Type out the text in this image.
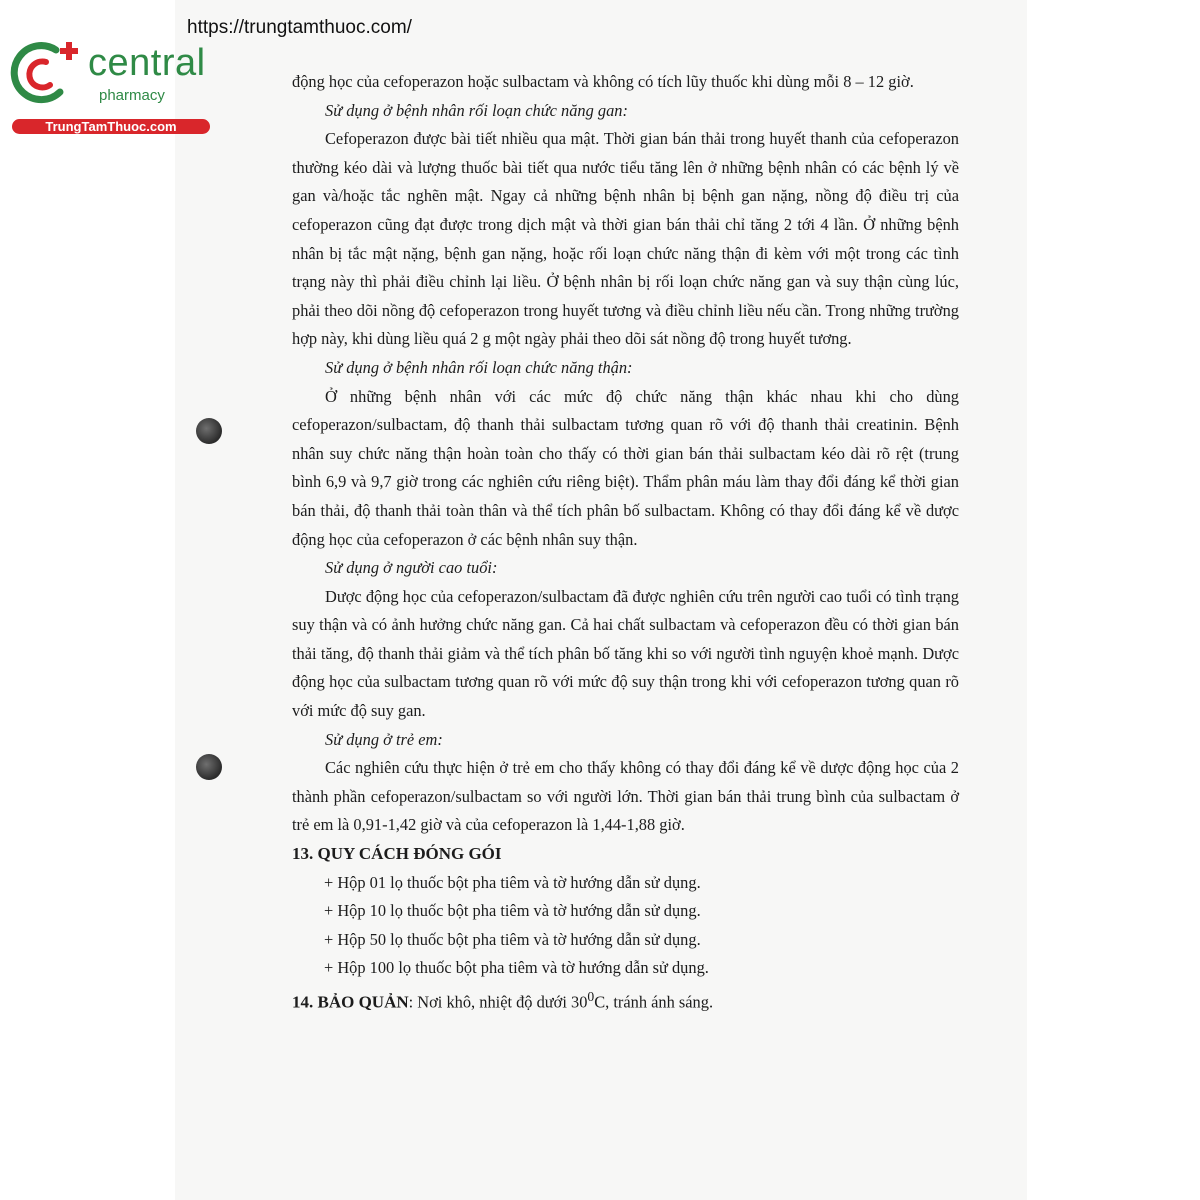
https://trungtamthuoc.com/
central
pharmacy
TrungTamThuoc.com

động học của cefoperazon hoặc sulbactam và không có tích lũy thuốc khi dùng mỗi 8 – 12 giờ.

Sử dụng ở bệnh nhân rối loạn chức năng gan:

Cefoperazon được bài tiết nhiều qua mật. Thời gian bán thải trong huyết thanh của cefoperazon thường kéo dài và lượng thuốc bài tiết qua nước tiểu tăng lên ở những bệnh nhân có các bệnh lý về gan và/hoặc tắc nghẽn mật. Ngay cả những bệnh nhân bị bệnh gan nặng, nồng độ điều trị của cefoperazon cũng đạt được trong dịch mật và thời gian bán thải chỉ tăng 2 tới 4 lần. Ở những bệnh nhân bị tắc mật nặng, bệnh gan nặng, hoặc rối loạn chức năng thận đi kèm với một trong các tình trạng này thì phải điều chỉnh lại liều. Ở bệnh nhân bị rối loạn chức năng gan và suy thận cùng lúc, phải theo dõi nồng độ cefoperazon trong huyết tương và điều chỉnh liều nếu cần. Trong những trường hợp này, khi dùng liều quá 2 g một ngày phải theo dõi sát nồng độ trong huyết tương.

Sử dụng ở bệnh nhân rối loạn chức năng thận:

Ở những bệnh nhân với các mức độ chức năng thận khác nhau khi cho dùng cefoperazon/sulbactam, độ thanh thải sulbactam tương quan rõ với độ thanh thải creatinin. Bệnh nhân suy chức năng thận hoàn toàn cho thấy có thời gian bán thải sulbactam kéo dài rõ rệt (trung bình 6,9 và 9,7 giờ trong các nghiên cứu riêng biệt). Thẩm phân máu làm thay đổi đáng kể thời gian bán thải, độ thanh thải toàn thân và thể tích phân bố sulbactam. Không có thay đổi đáng kể về dược động học của cefoperazon ở các bệnh nhân suy thận.

Sử dụng ở người cao tuổi:

Dược động học của cefoperazon/sulbactam đã được nghiên cứu trên người cao tuổi có tình trạng suy thận và có ảnh hưởng chức năng gan. Cả hai chất sulbactam và cefoperazon đều có thời gian bán thải tăng, độ thanh thải giảm và thể tích phân bố tăng khi so với người tình nguyện khoẻ mạnh. Dược động học của sulbactam tương quan rõ với mức độ suy thận trong khi với cefoperazon tương quan rõ với mức độ suy gan.

Sử dụng ở trẻ em:

Các nghiên cứu thực hiện ở trẻ em cho thấy không có thay đổi đáng kể về dược động học của 2 thành phần cefoperazon/sulbactam so với người lớn. Thời gian bán thải trung bình của sulbactam ở trẻ em là 0,91-1,42 giờ và của cefoperazon là 1,44-1,88 giờ.

13. QUY CÁCH ĐÓNG GÓI

+ Hộp 01 lọ thuốc bột pha tiêm và tờ hướng dẫn sử dụng.

+ Hộp 10 lọ thuốc bột pha tiêm và tờ hướng dẫn sử dụng.

+ Hộp 50 lọ thuốc bột pha tiêm và tờ hướng dẫn sử dụng.

+ Hộp 100 lọ thuốc bột pha tiêm và tờ hướng dẫn sử dụng.

14. BẢO QUẢN: Nơi khô, nhiệt độ dưới $30^0C$, tránh ánh sáng.
